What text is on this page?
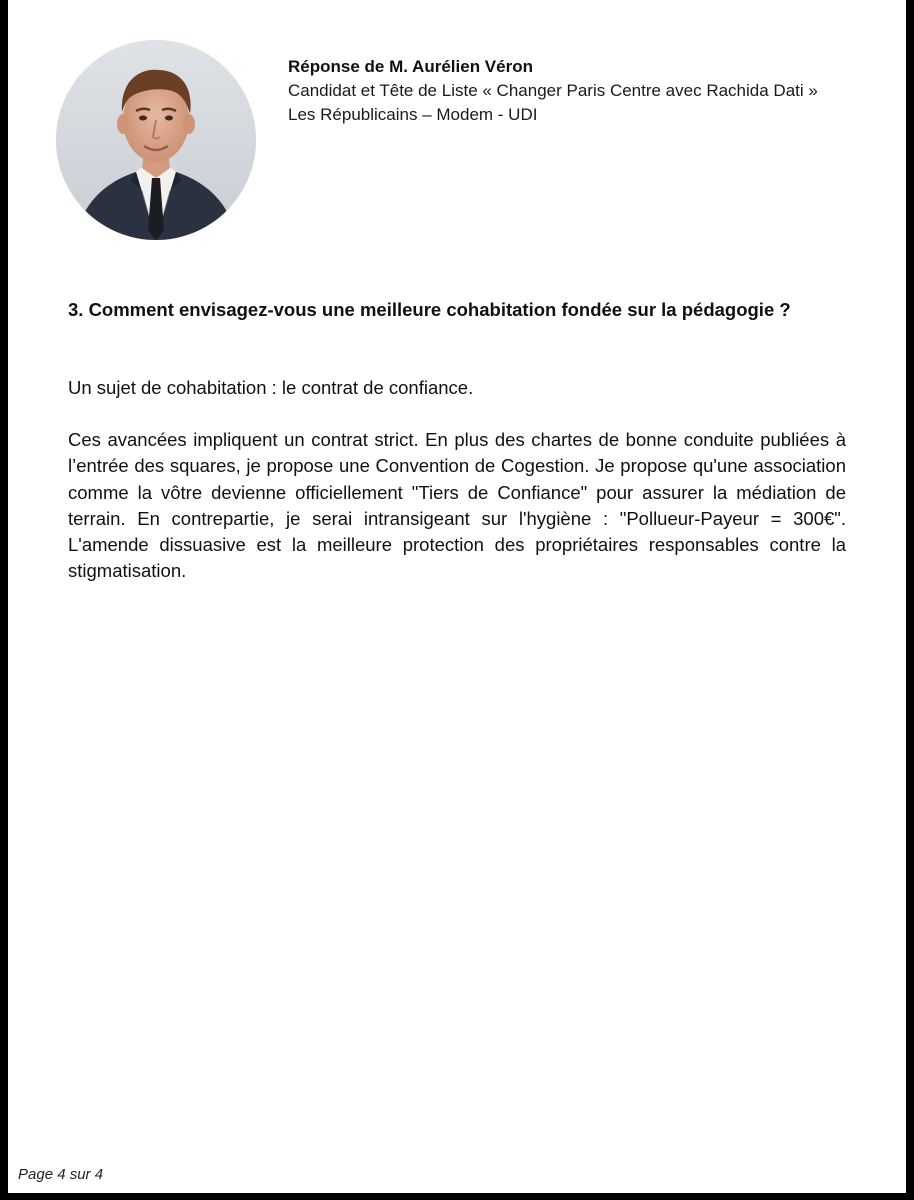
Réponse de M. Aurélien Véron
Candidat et Tête de Liste « Changer Paris Centre avec Rachida Dati »
Les Républicains – Modem - UDI

3. Comment envisagez-vous une meilleure cohabitation fondée sur la pédagogie ?

Un sujet de cohabitation : le contrat de confiance.

Ces avancées impliquent un contrat strict. En plus des chartes de bonne conduite publiées à l’entrée des squares, je propose une Convention de Cogestion. Je propose qu'une association comme la vôtre devienne officiellement "Tiers de Confiance" pour assurer la médiation de terrain. En contrepartie, je serai intransigeant sur l'hygiène : "Pollueur-Payeur = 300€". L'amende dissuasive est la meilleure protection des propriétaires responsables contre la stigmatisation.

Page 4 sur 4
